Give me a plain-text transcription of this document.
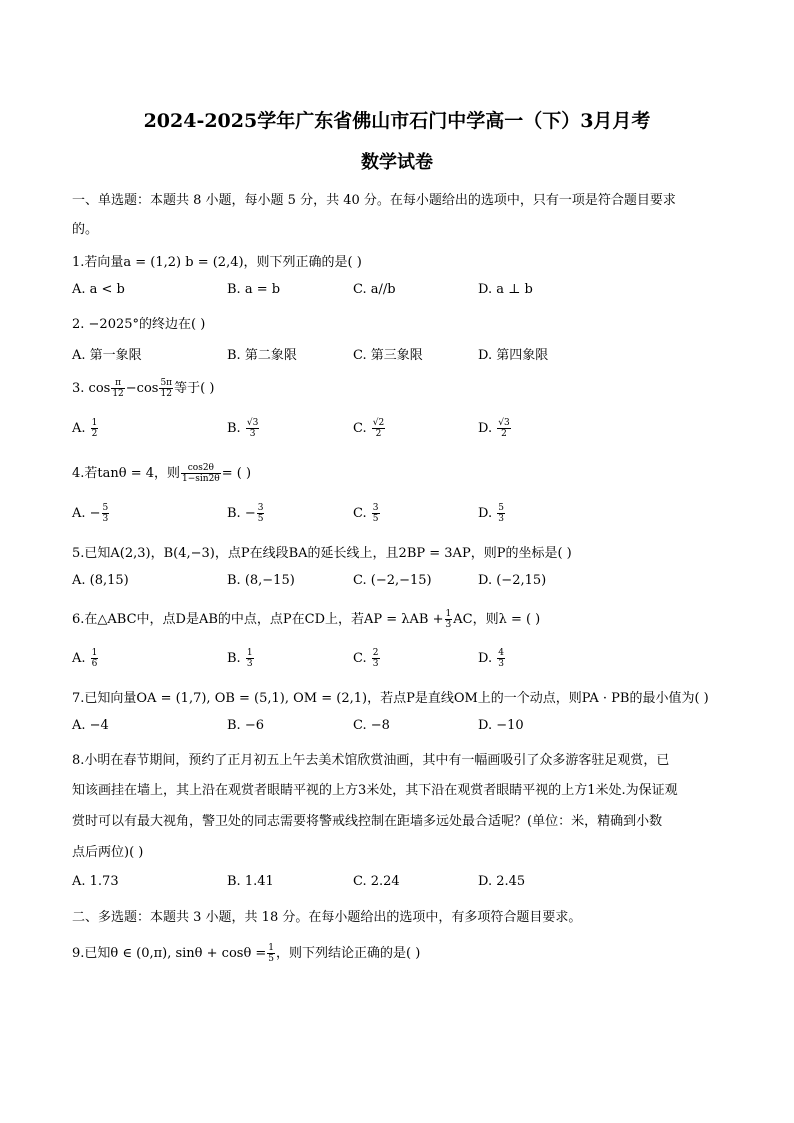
2024-2025学年广东省佛山市石门中学高一（下）3月月考
数学试卷
一、单选题：本题共 8 小题，每小题 5 分，共 40 分。在每小题给出的选项中，只有一项是符合题目要求
的。
1.若向量a = (1,2) b = (2,4)，则下列正确的是( )
A. a < b	B. a = b	C. a//b	D. a ⊥ b
2. −2025°的终边在( )
A. 第一象限	B. 第二象限	C. 第三象限	D. 第四象限
3. $\cos \frac{\pi}{12} -\cos \frac{5\pi}{12}$ 等于( )
A. $\frac{1}{2}$	B. $\frac{√3}{3}$	C. $\frac{√2}{2}$	D. $\frac{√3}{2}$
4.若tanθ = 4，则 $\frac{\cos 2\theta}{1-\sin 2\theta}$ = ( )
A. − $\frac{5}{3}$	B. − $\frac{3}{5}$	C. $\frac{3}{5}$	D. $\frac{5}{3}$
5.已知A(2,3)，B(4,−3)，点P在线段BA的延长线上，且2BP = 3AP，则P的坐标是( )
A. (8,15)	B. (8,−15)	C. (−2,−15)	D. (−2,15)
6.在△ABC中，点D是AB的中点，点P在CD上，若AP = $\lambda AB + \frac{1}{3}$ AC，则λ = ( )
A. $\frac{1}{6}$	B. $\frac{1}{3}$	C. $\frac{2}{3}$	D. $\frac{4}{3}$
7.已知向量OA = (1,7), OB = (5,1), OM = (2,1)，若点P是直线OM上的一个动点，则PA · PB的最小值为( )
A. −4	B. −6	C. −8	D. −10
8.小明在春节期间，预约了正月初五上午去美术馆欣赏油画，其中有一幅画吸引了众多游客驻足观赏，已
知该画挂在墙上，其上沿在观赏者眼睛平视的上方3米处，其下沿在观赏者眼睛平视的上方1米处.为保证观
赏时可以有最大视角，警卫处的同志需要将警戒线控制在距墙多远处最合适呢？(单位：米，精确到小数
点后两位)( )
A. 1.73	B. 1.41	C. 2.24	D. 2.45
二、多选题：本题共 3 小题，共 18 分。在每小题给出的选项中，有多项符合题目要求。
9.已知θ ∈ (0,π), $\sin\theta + \cos\theta = \frac{1}{5}$ ，则下列结论正确的是( )
